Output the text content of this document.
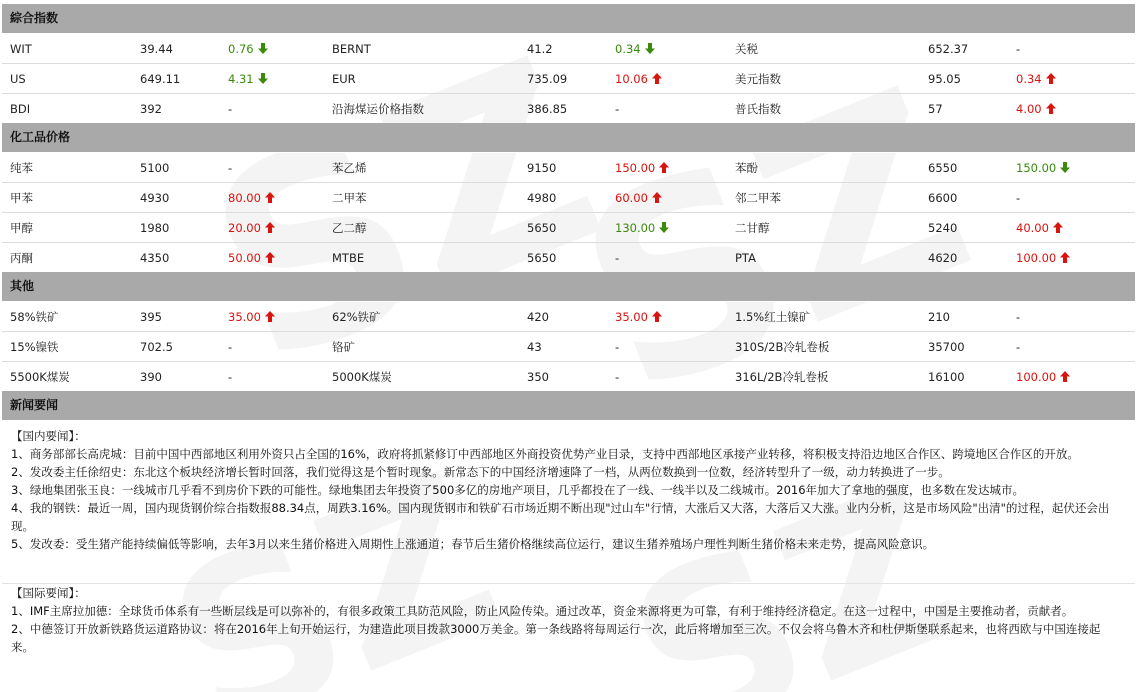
綜合指数
WIT	39.44	0.76	BERNT	41.2	0.34	关税	652.37	-

US	649.11	4.31	EUR	735.09	10.06	美元指数	95.05	0.34

BDI	392	-	沿海煤运价格指数	386.85	-	普氏指数	57	4.00
化工品价格
纯苯	5100	-	苯乙烯	9150	150.00	苯酚	6550	150.00

甲苯	4930	80.00	二甲苯	4980	60.00	邻二甲苯	6600	-

甲醇	1980	20.00	乙二醇	5650	130.00	二甘醇	5240	40.00

丙酮	4350	50.00	MTBE	5650	-	PTA	4620	100.00
其他
58%铁矿	395	35.00	62%铁矿	420	35.00	1.5%红土镍矿	210	-

15%镍铁	702.5	-	铬矿	43	-	310S/2B冷轧卷板	35700	-

5500K煤炭	390	-	5000K煤炭	350	-	316L/2B冷轧卷板	16100	100.00
新闻要闻
【国内要闻】：

1、商务部部长高虎城：目前中国中西部地区利用外资只占全国的16%，政府将抓紧修订中西部地区外商投资优势产业目录，支持中西部地区承接产业转移，将积极支持沿边地区合作区、跨境地区合作区的开放。

2、发改委主任徐绍史：东北这个板块经济增长暂时回落，我们觉得这是个暂时现象。新常态下的中国经济增速降了一档，从两位数换到一位数，经济转型升了一级，动力转换进了一步。

3、绿地集团张玉良：一线城市几乎看不到房价下跌的可能性。绿地集团去年投资了500多亿的房地产项目，几乎都投在了一线、一线半以及二线城市。2016年加大了拿地的强度，也多数在发达城市。

4、我的钢铁：最近一周，国内现货钢价综合指数报88.34点，周跌3.16%。国内现货钢市和铁矿石市场近期不断出现"过山车"行情，大涨后又大落，大落后又大涨。业内分析，这是市场风险"出清"的过程，起伏还会出现。

5、发改委：受生猪产能持续偏低等影响，去年3月以来生猪价格进入周期性上涨通道；春节后生猪价格继续高位运行，建议生猪养殖场户理性判断生猪价格未来走势，提高风险意识。

【国际要闻】：

1、IMF主席拉加德：全球货币体系有一些断层线是可以弥补的，有很多政策工具防范风险，防止风险传染。通过改革，资金来源将更为可靠，有利于维持经济稳定。在这一过程中，中国是主要推动者，贡献者。

2、中德签订开放新铁路货运道路协议：将在2016年上旬开始运行，为建造此项目拨款3000万美金。第一条线路将每周运行一次，此后将增加至三次。不仅会将乌鲁木齐和杜伊斯堡联系起来，也将西欧与中国连接起来。
